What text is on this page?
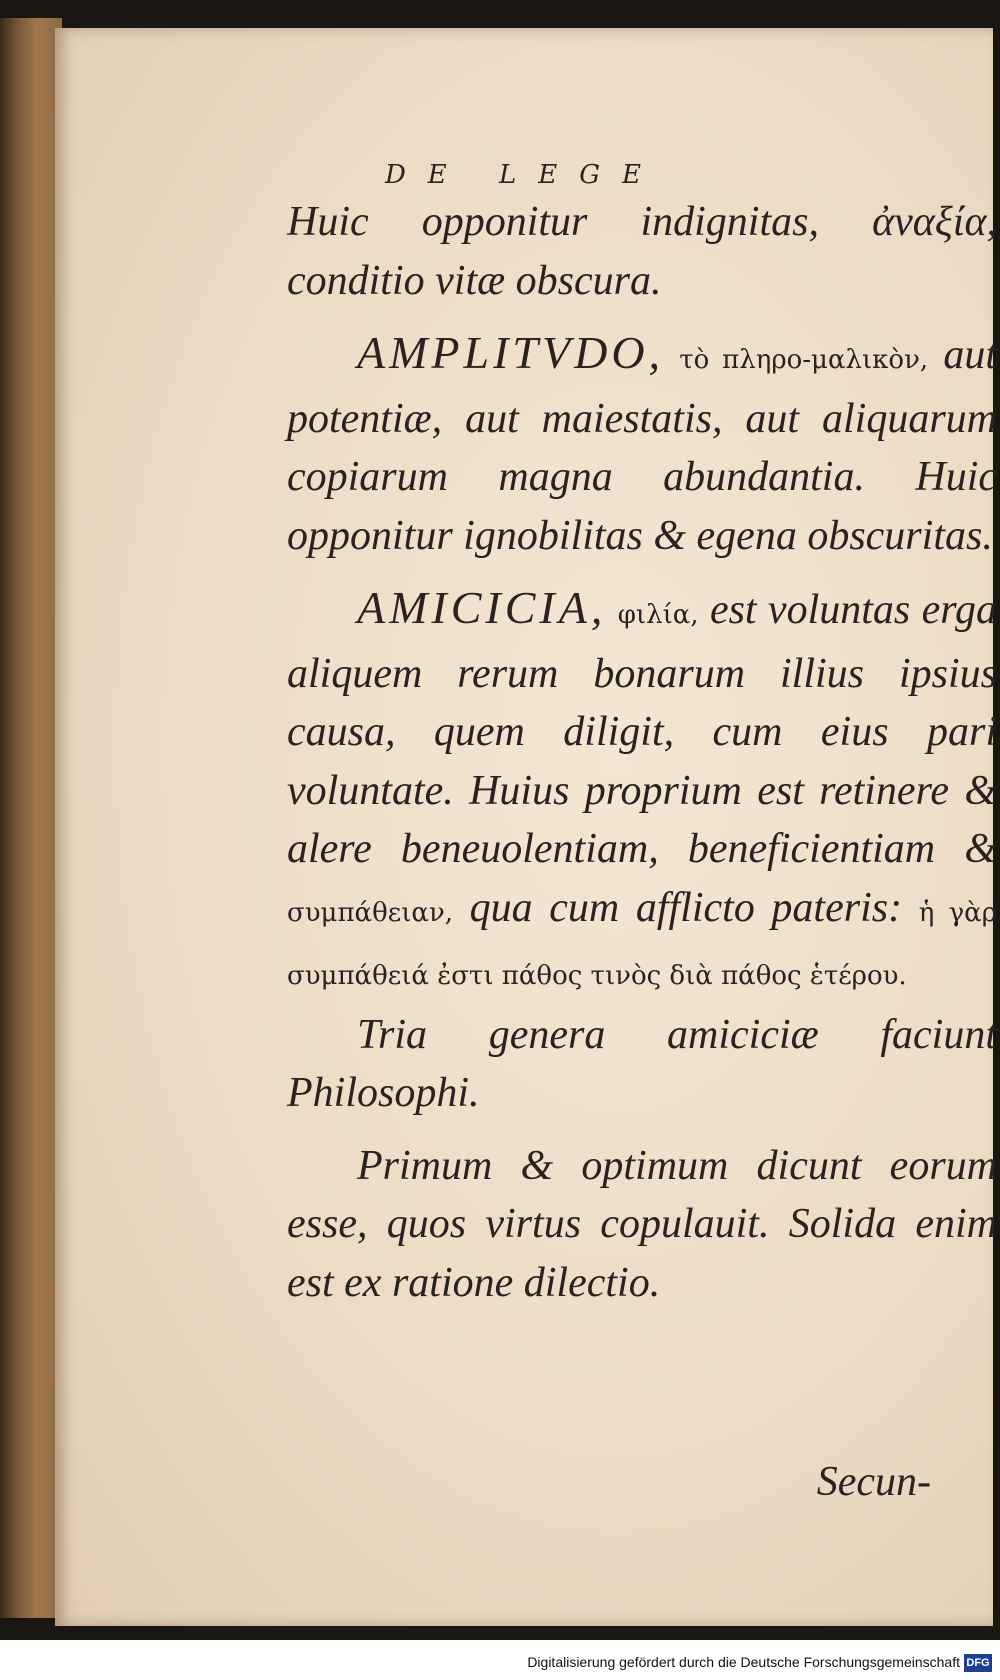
DE LEGE

Huic opponitur indignitas, ἀναξία, conditio vitæ obscura.

AMPLITVDO, τὸ πληρο-μαλικὸν, aut potentiæ, aut maiestatis, aut aliquarum copiarum magna abundantia. Huic opponitur ignobilitas & egena obscuritas.

AMICICIA, φιλία, est voluntas erga aliquem rerum bonarum illius ipsius causa, quem diligit, cum eius pari voluntate. Huius proprium est retinere & alere beneuolentiam, beneficientiam & συμπάθειαν, qua cum afflicto pateris: ἡ γὰρ συμπάθειά ἐστι πάθος τινὸς διὰ πάθος ἑτέρου.

Tria genera amiciciæ faciunt Philosophi.

Primum & optimum dicunt eorum esse, quos virtus copulauit. Solida enim est ex ratione dilectio.

Secun-
Digitalisierung gefördert durch die Deutsche Forschungsgemeinschaft DFG
